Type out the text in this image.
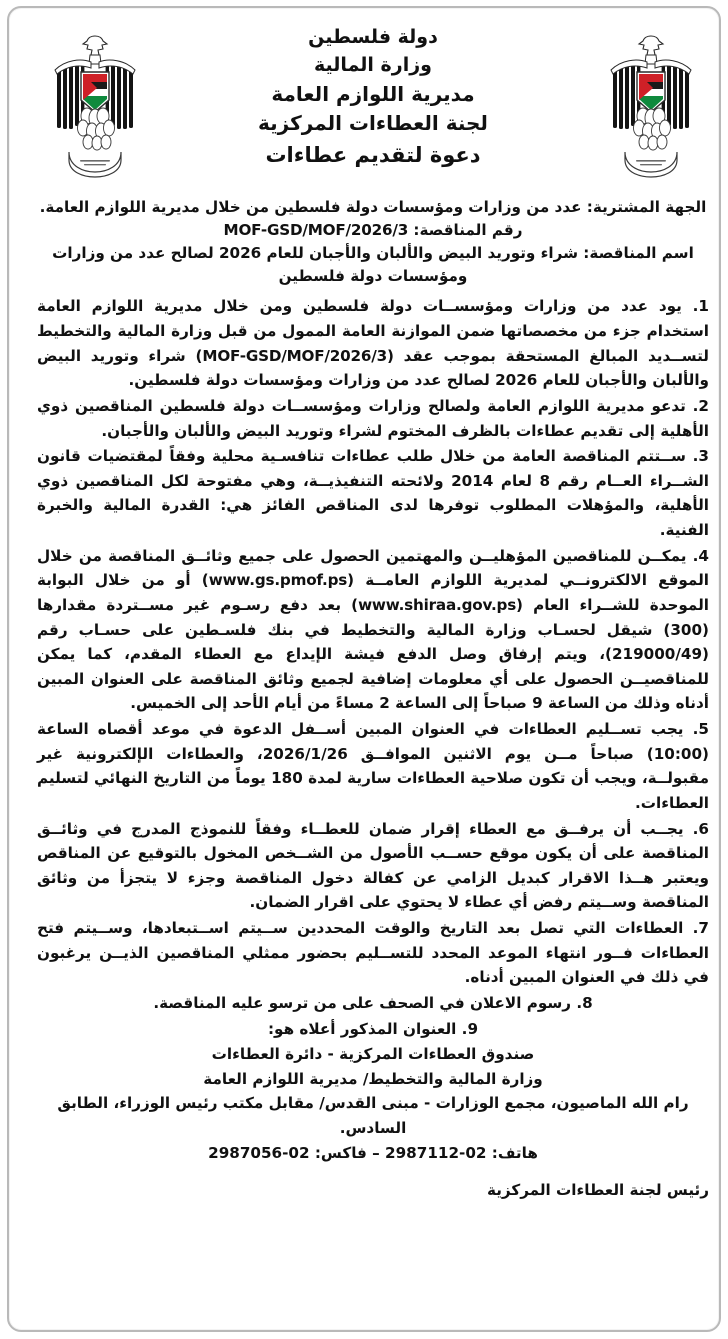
دولة فلسطين
وزارة المالية
مديرية اللوازم العامة
لجنة العطاءات المركزية
دعوة لتقديم عطاءات
الجهة المشترية: عدد من وزارات ومؤسسات دولة فلسطين من خلال مديرية اللوازم العامة.
رقم المناقصة: MOF-GSD/MOF/2026/3
اسم المناقصة: شراء وتوريد البيض والألبان والأجبان للعام 2026 لصالح عدد من وزارات ومؤسسات دولة فلسطين
1. يود عدد من وزارات ومؤسســات دولة فلسطين ومن خلال مديرية اللوازم العامة استخدام جزء من مخصصاتها ضمن الموازنة العامة الممول من قبل وزارة المالية والتخطيط لتســديد المبالغ المستحقة بموجب عقد (MOF-GSD/MOF/2026/3) شراء وتوريد البيض والألبان والأجبان للعام 2026 لصالح عدد من وزارات ومؤسسات دولة فلسطين.
2. تدعو مديرية اللوازم العامة ولصالح وزارات ومؤسســات دولة فلسطين المناقصين ذوي الأهلية إلى تقديم عطاءات بالظرف المختوم لشراء وتوريد البيض والألبان والأجبان.
3. ســتتم المناقصة العامة من خلال طلب عطاءات تنافسـية محلية وفقاً لمقتضيات قانون الشــراء العــام رقم 8 لعام 2014 ولائحته التنفيذيــة، وهي مفتوحة لكل المناقصين ذوي الأهلية، والمؤهلات المطلوب توفرها لدى المناقص الفائز هي: القدرة المالية والخبرة الفنية.
4. يمكــن للمناقصين المؤهليــن والمهتمين الحصول على جميع وثائــق المناقصة من خلال الموقع الالكترونــي لمديرية اللوازم العامــة (www.gs.pmof.ps) أو من خلال البوابة الموحدة للشــراء العام (www.shiraa.gov.ps) بعد دفع رسـوم غير مســتردة مقدارها (300) شيقل لحسـاب وزارة المالية والتخطيط في بنك فلسـطين على حسـاب رقم (219000/49)، ويتم إرفاق وصل الدفع فيشة الإيداع مع العطاء المقدم، كما يمكن للمناقصيــن الحصول على أي معلومات إضافية لجميع وثائق المناقصة على العنوان المبين أدناه وذلك من الساعة 9 صباحاً إلى الساعة 2 مساءً من أيام الأحد إلى الخميس.
5. يجب تســليم العطاءات في العنوان المبين أســفل الدعوة في موعد أقصاه الساعة (10:00) صباحاً مــن يوم الاثنين الموافــق 2026/1/26، والعطاءات الإلكترونية غير مقبولــة، ويجب أن تكون صلاحية العطاءات سارية لمدة 180 يوماً من التاريخ النهائي لتسليم العطاءات.
6. يجــب أن يرفــق مع العطاء إقرار ضمان للعطــاء وفقاً للنموذج المدرج في وثائــق المناقصة على أن يكون موقع حســب الأصول من الشــخص المخول بالتوقيع عن المناقص ويعتبر هــذا الاقرار كبديل الزامي عن كفالة دخول المناقصة وجزء لا يتجزأ من وثائق المناقصة وســيتم رفض أي عطاء لا يحتوي على اقرار الضمان.
7. العطاءات التي تصل بعد التاريخ والوقت المحددين ســيتم اســتبعادها، وســيتم فتح العطاءات فــور انتهاء الموعد المحدد للتســليم بحضور ممثلي المناقصين الذيــن يرغبون في ذلك في العنوان المبين أدناه.
8. رسوم الاعلان في الصحف على من ترسو عليه المناقصة.
9. العنوان المذكور أعلاه هو:
صندوق العطاءات المركزية - دائرة العطاءات
وزارة المالية والتخطيط/ مديرية اللوازم العامة
رام الله الماصيون، مجمع الوزارات - مبنى القدس/ مقابل مكتب رئيس الوزراء، الطابق السادس.
هاتف: 02-2987112 – فاكس: 02-2987056
رئيس لجنة العطاءات المركزية
